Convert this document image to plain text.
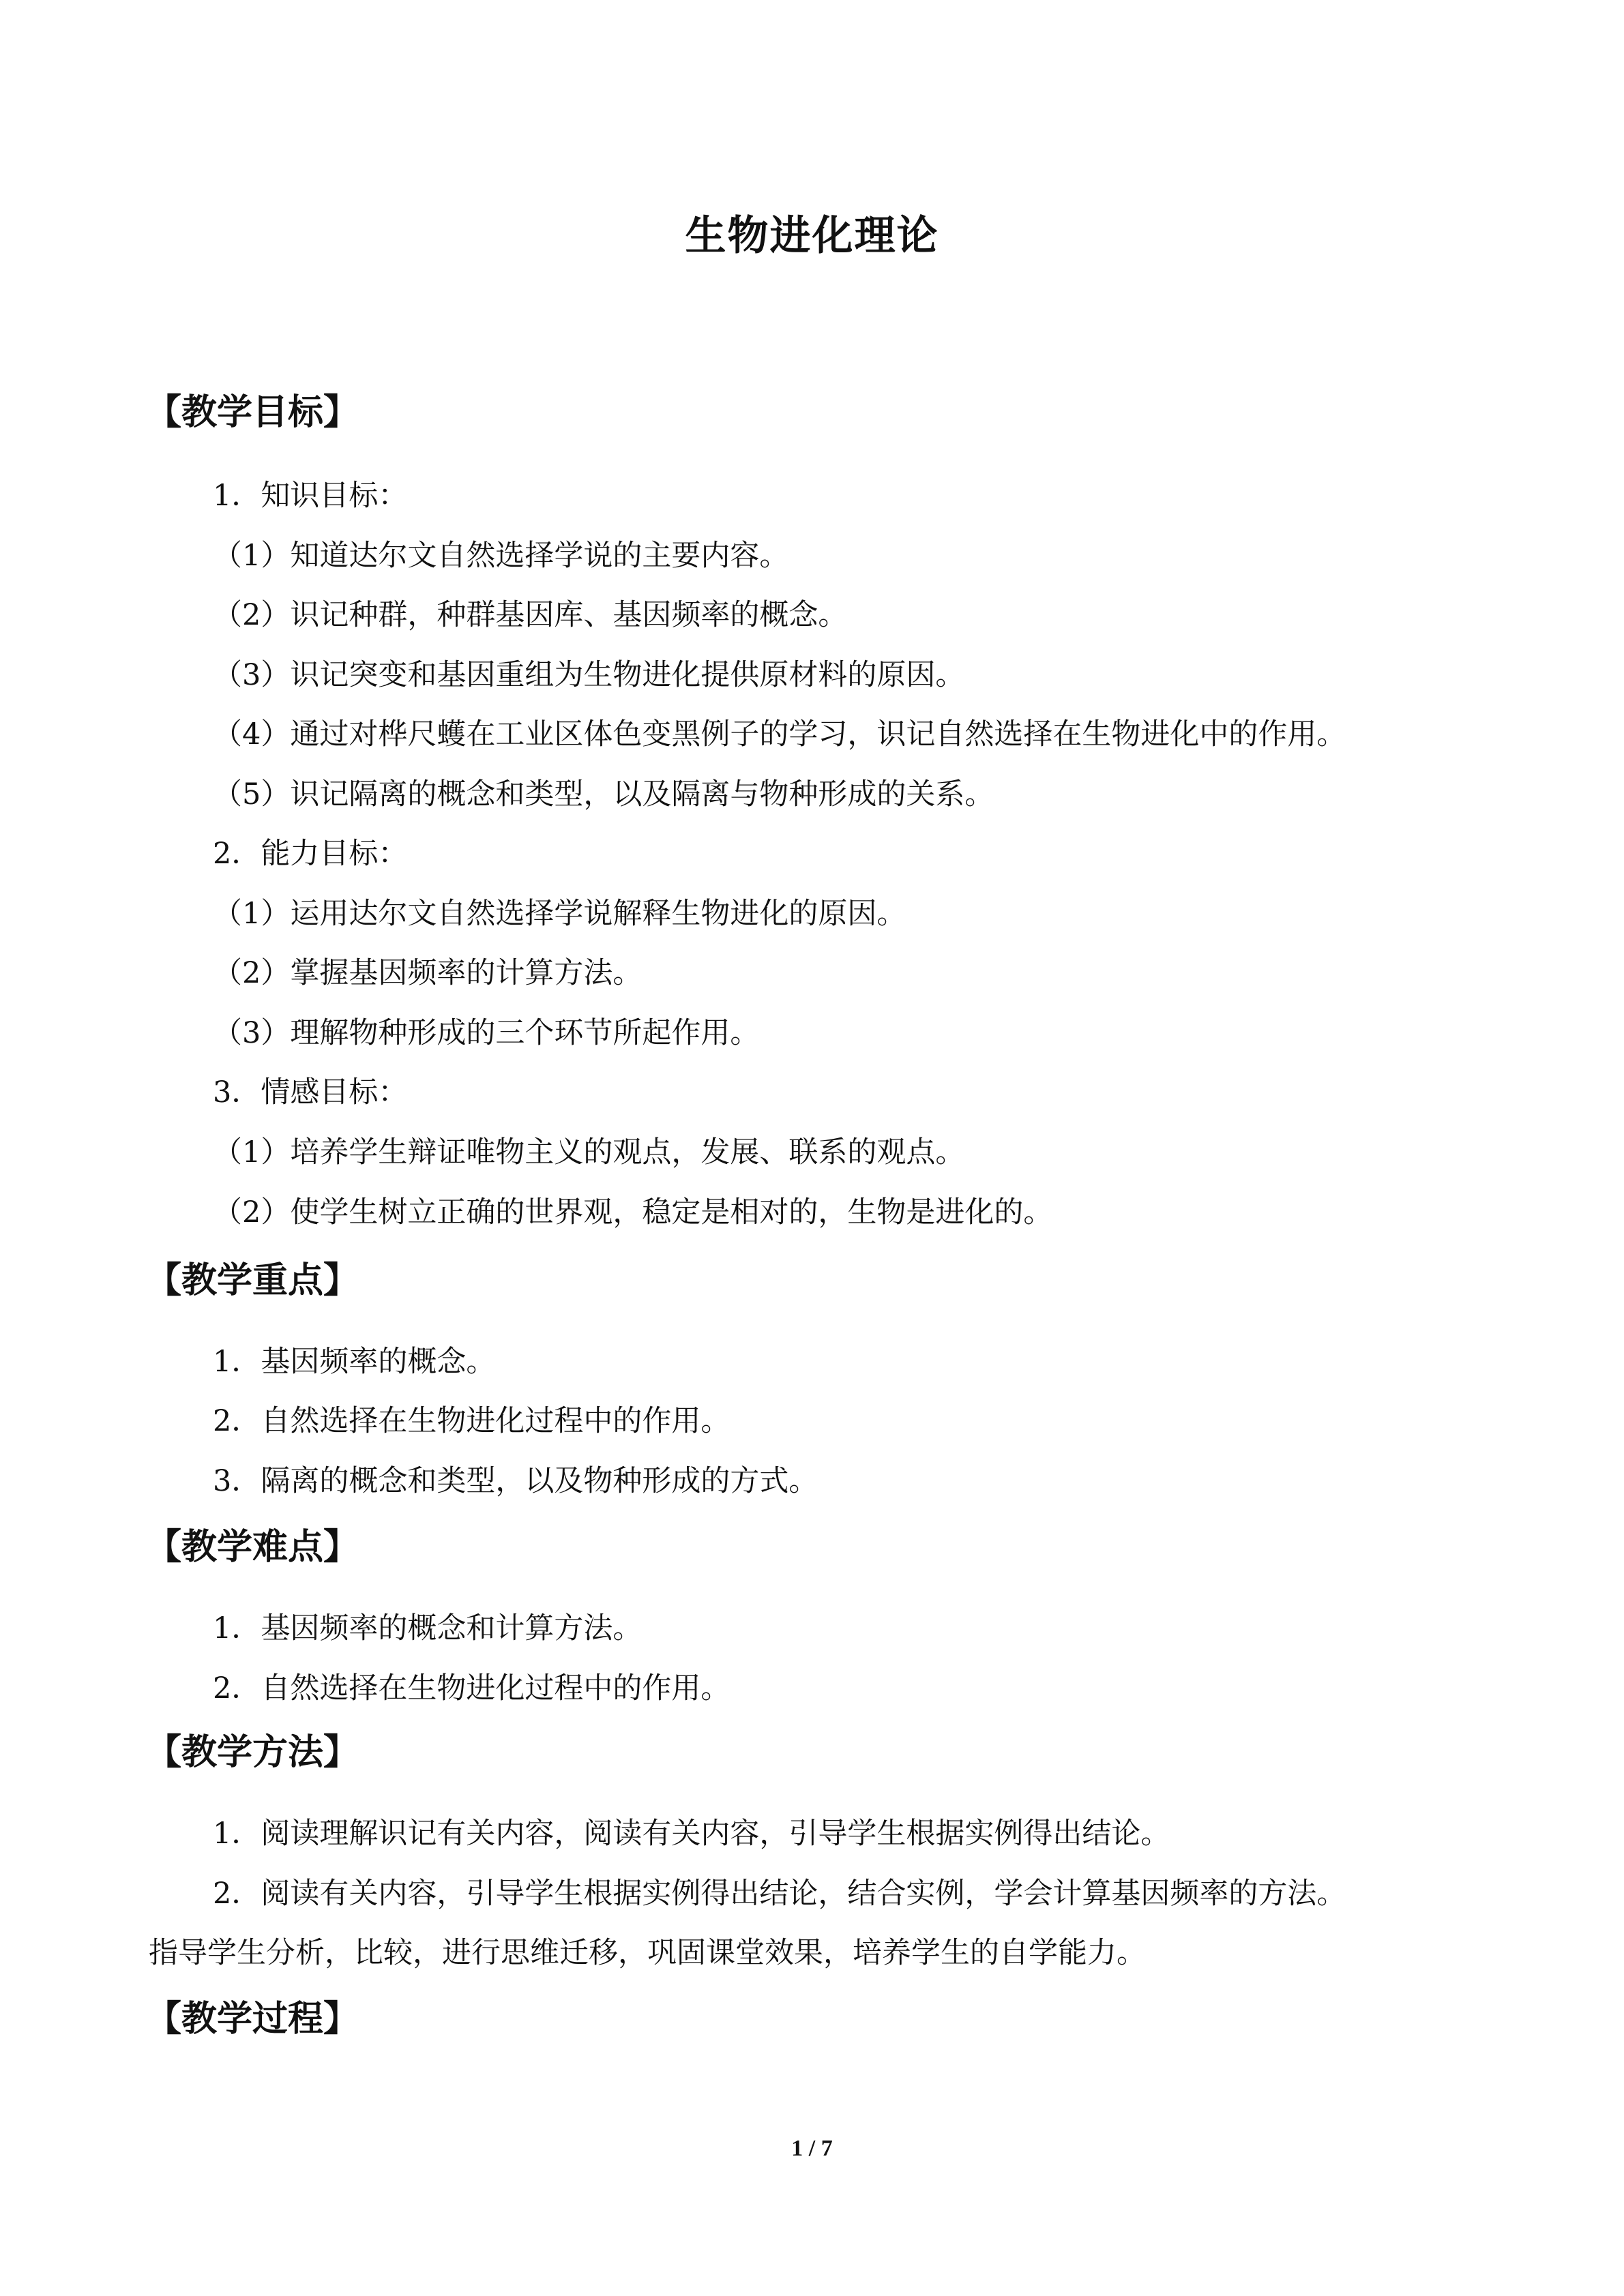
生物进化理论
【教学目标】
1．知识目标：
（1）知道达尔文自然选择学说的主要内容。
（2）识记种群，种群基因库、基因频率的概念。
（3）识记突变和基因重组为生物进化提供原材料的原因。
（4）通过对桦尺蠖在工业区体色变黑例子的学习，识记自然选择在生物进化中的作用。
（5）识记隔离的概念和类型，以及隔离与物种形成的关系。
2．能力目标：
（1）运用达尔文自然选择学说解释生物进化的原因。
（2）掌握基因频率的计算方法。
（3）理解物种形成的三个环节所起作用。
3．情感目标：
（1）培养学生辩证唯物主义的观点，发展、联系的观点。
（2）使学生树立正确的世界观，稳定是相对的，生物是进化的。
【教学重点】
1．基因频率的概念。
2．自然选择在生物进化过程中的作用。
3．隔离的概念和类型，以及物种形成的方式。
【教学难点】
1．基因频率的概念和计算方法。
2．自然选择在生物进化过程中的作用。
【教学方法】
1．阅读理解识记有关内容，阅读有关内容，引导学生根据实例得出结论。
2．阅读有关内容，引导学生根据实例得出结论，结合实例，学会计算基因频率的方法。
指导学生分析，比较，进行思维迁移，巩固课堂效果，培养学生的自学能力。
【教学过程】
1 / 7
